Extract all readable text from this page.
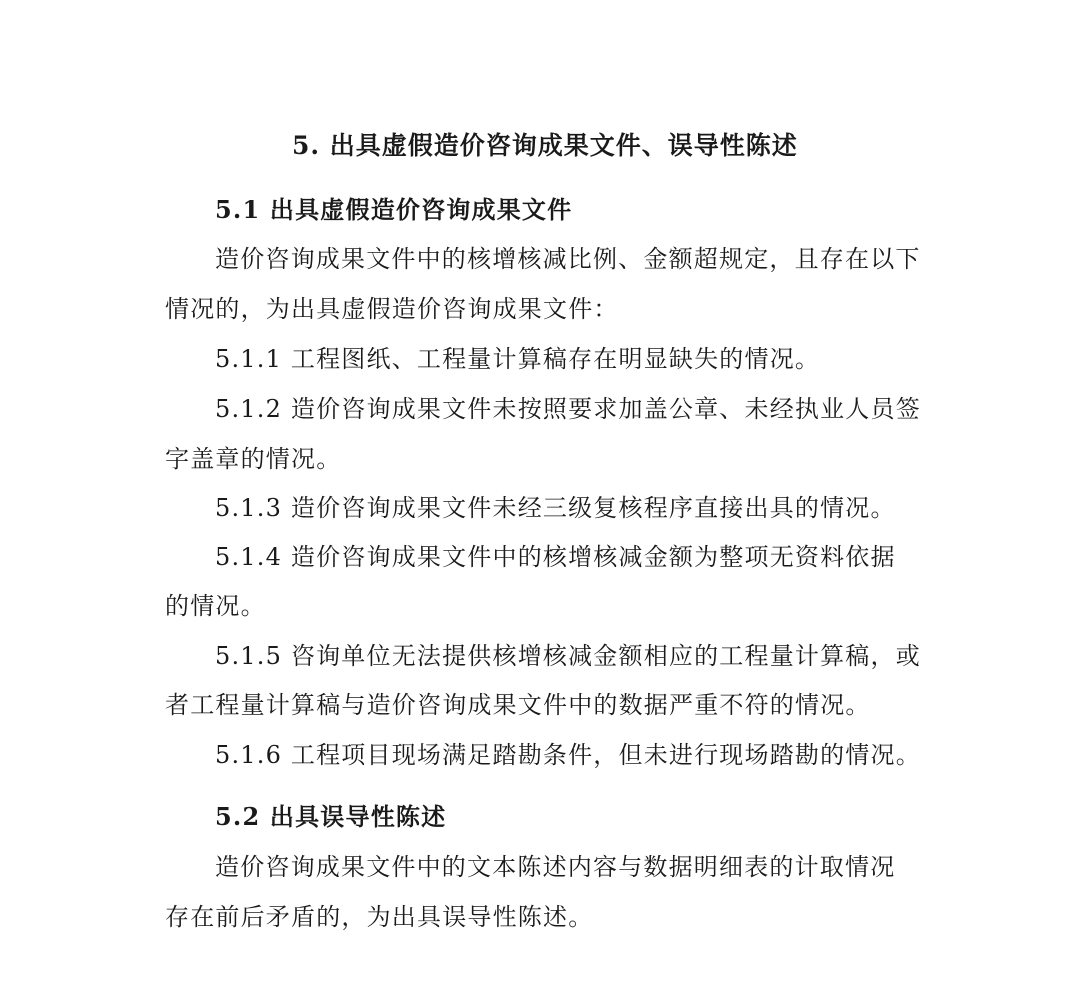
5. 出具虚假造价咨询成果文件、误导性陈述
5.1 出具虚假造价咨询成果文件
造价咨询成果文件中的核增核减比例、金额超规定，且存在以下
情况的，为出具虚假造价咨询成果文件：
5.1.1 工程图纸、工程量计算稿存在明显缺失的情况。
5.1.2 造价咨询成果文件未按照要求加盖公章、未经执业人员签
字盖章的情况。
5.1.3 造价咨询成果文件未经三级复核程序直接出具的情况。
5.1.4 造价咨询成果文件中的核增核减金额为整项无资料依据
的情况。
5.1.5 咨询单位无法提供核增核减金额相应的工程量计算稿，或
者工程量计算稿与造价咨询成果文件中的数据严重不符的情况。
5.1.6 工程项目现场满足踏勘条件，但未进行现场踏勘的情况。
5.2 出具误导性陈述
造价咨询成果文件中的文本陈述内容与数据明细表的计取情况
存在前后矛盾的，为出具误导性陈述。
